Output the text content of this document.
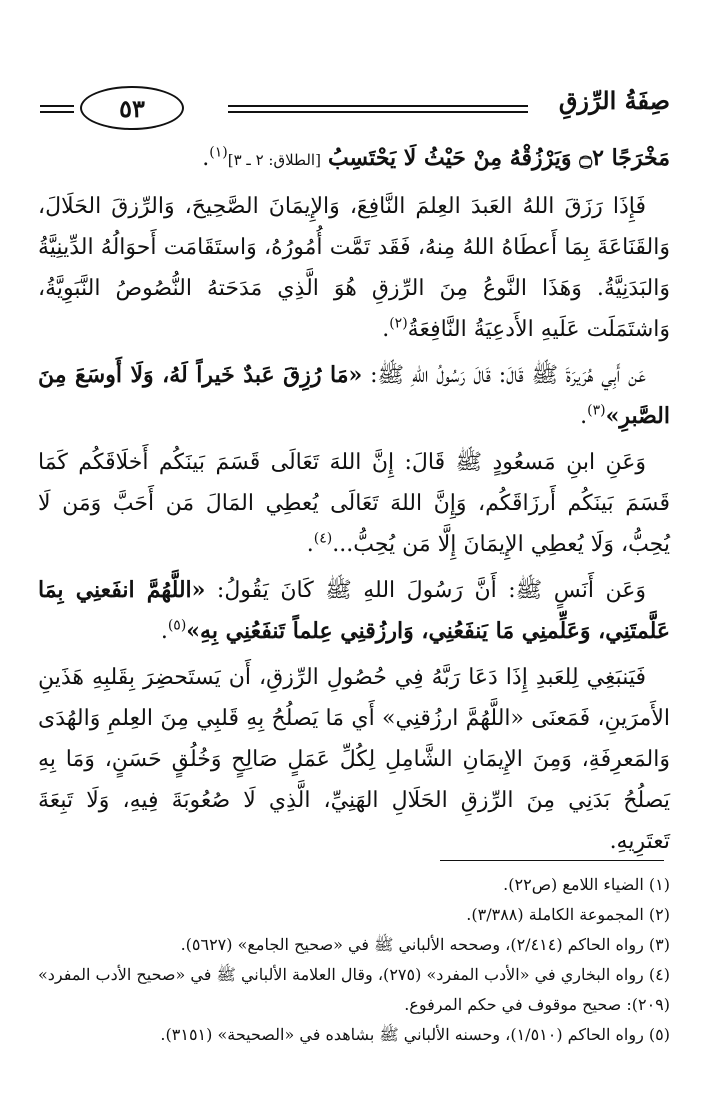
صِفَةُ الرِّزقِ
٥٣

مَخْرَجًا ۝٢ وَيَرْزُقْهُ مِنْ حَيْثُ لَا يَحْتَسِبُ [الطلاق: ٢ ـ ٣]$^{(١)}$.

فَإِذَا رَزَقَ اللهُ العَبدَ العِلمَ النَّافِعَ، وَالإِيمَانَ الصَّحِيحَ، وَالرِّزقَ الحَلَالَ، وَالقَنَاعَةَ بِمَا أَعطَاهُ اللهُ مِنهُ، فَقَد تَمَّت أُمُورُهُ، وَاستَقَامَت أَحوَالُهُ الدِّينِيَّةُ وَالبَدَنِيَّةُ. وَهَذَا النَّوعُ مِنَ الرِّزقِ هُوَ الَّذِي مَدَحَتهُ النُّصُوصُ النَّبَوِيَّةُ، وَاشتَمَلَت عَلَيهِ الأَدعِيَةُ النَّافِعَةُ$^{(٢)}$.

عَن أَبِي هُرَيرَةَ ﷺ قَالَ: قَالَ رَسُولُ اللهِ ﷺ: «مَا رُزِقَ عَبدٌ خَيراً لَهُ، وَلَا أَوسَعَ مِنَ الصَّبرِ»$^{(٣)}$.

وَعَنِ ابنِ مَسعُودٍ ﷺ قَالَ: إِنَّ اللهَ تَعَالَى قَسَمَ بَينَكُم أَخلَاقَكُم كَمَا قَسَمَ بَينَكُم أَرزَاقَكُم، وَإِنَّ اللهَ تَعَالَى يُعطِي المَالَ مَن أَحَبَّ وَمَن لَا يُحِبُّ، وَلَا يُعطِي الإِيمَانَ إِلَّا مَن يُحِبُّ...$^{(٤)}$.

وَعَن أَنَسٍ ﷺ: أَنَّ رَسُولَ اللهِ ﷺ كَانَ يَقُولُ: «اللَّهُمَّ انفَعنِي بِمَا عَلَّمتَنِي، وَعَلِّمنِي مَا يَنفَعُنِي، وَارزُقنِي عِلماً تَنفَعُنِي بِهِ»$^{(٥)}$.

فَيَنبَغِي لِلعَبدِ إِذَا دَعَا رَبَّهُ فِي حُصُولِ الرِّزقِ، أَن يَستَحضِرَ بِقَلبِهِ هَذَينِ الأَمرَينِ، فَمَعنَى «اللَّهُمَّ ارزُقنِي» أَي مَا يَصلُحُ بِهِ قَلبِي مِنَ العِلمِ وَالهُدَى وَالمَعرِفَةِ، وَمِنَ الإِيمَانِ الشَّامِلِ لِكُلِّ عَمَلٍ صَالِحٍ وَخُلُقٍ حَسَنٍ، وَمَا بِهِ يَصلُحُ بَدَنِي مِنَ الرِّزقِ الحَلَالِ الهَنِيِّ، الَّذِي لَا صُعُوبَةَ فِيهِ، وَلَا تَبِعَةَ تَعتَرِيهِ.

(١) الضياء اللامع (ص٢٢).

(٢) المجموعة الكاملة (٣/٣٨٨).

(٣) رواه الحاكم (٢/٤١٤)، وصححه الألباني ﷺ في «صحيح الجامع» (٥٦٢٧).

(٤) رواه البخاري في «الأدب المفرد» (٢٧٥)، وقال العلامة الألباني ﷺ في «صحيح الأدب المفرد» (٢٠٩): صحيح موقوف في حكم المرفوع.

(٥) رواه الحاكم (١/٥١٠)، وحسنه الألباني ﷺ بشاهده في «الصحيحة» (٣١٥١).
